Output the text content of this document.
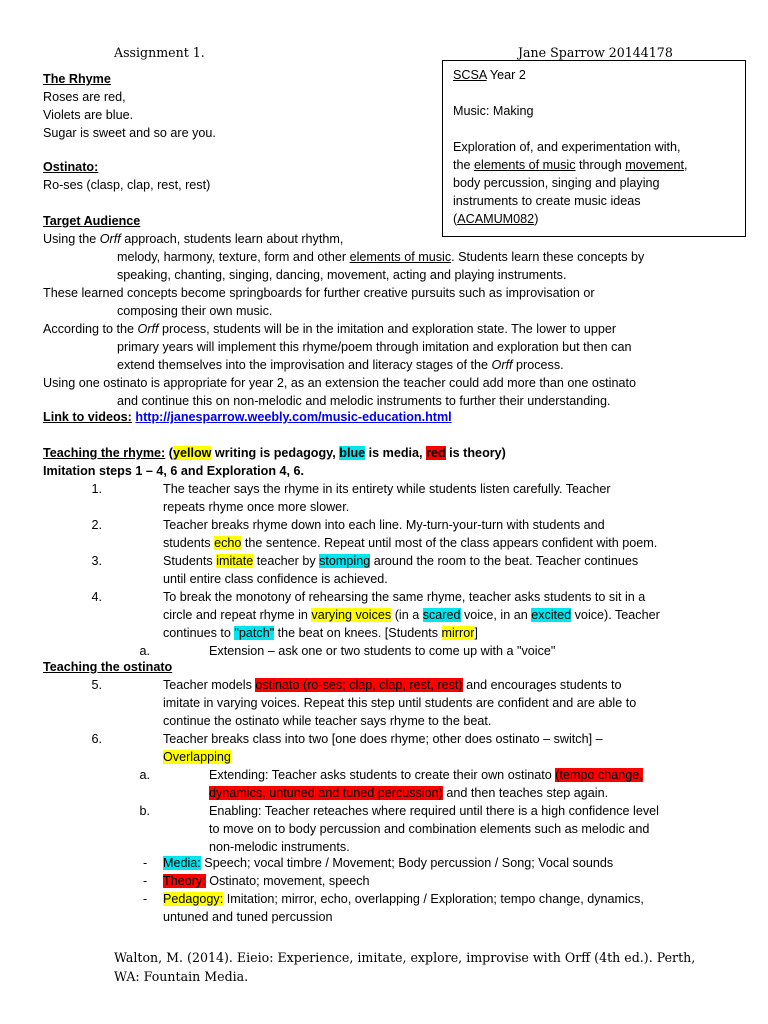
Assignment 1.	Jane Sparrow 20144178

SCSA Year 2

Music: Making

Exploration of, and experimentation with,

the elements of music through movement,

body percussion, singing and playing

instruments to create music ideas

(ACAMUM082)

The Rhyme
Roses are red,
Violets are blue.
Sugar is sweet and so are you.
Ostinato:
Ro-ses (clasp, clap, rest, rest)
Target Audience
Using the Orff approach, students learn about rhythm,
melody, harmony, texture, form and other elements of music. Students learn these concepts by
speaking, chanting, singing, dancing, movement, acting and playing instruments.
These learned concepts become springboards for further creative pursuits such as improvisation or
composing their own music.
According to the Orff process, students will be in the imitation and exploration state. The lower to upper
primary years will implement this rhyme/poem through imitation and exploration but then can
extend themselves into the improvisation and literacy stages of the Orff process.
Using one ostinato is appropriate for year 2, as an extension the teacher could add more than one ostinato
and continue this on non-melodic and melodic instruments to further their understanding.
Link to videos: http://janesparrow.weebly.com/music-education.html
Teaching the rhyme: (yellow writing is pedagogy, blue is media, red is theory)
Imitation steps 1 – 4, 6 and Exploration 4, 6.
1.	The teacher says the rhyme in its entirety while students listen carefully. Teacher
repeats rhyme once more slower.
2.	Teacher breaks rhyme down into each line. My-turn-your-turn with students and
students echo the sentence. Repeat until most of the class appears confident with poem.
3.	Students imitate teacher by stomping around the room to the beat. Teacher continues
until entire class confidence is achieved.
4.	To break the monotony of rehearsing the same rhyme, teacher asks students to sit in a
circle and repeat rhyme in varying voices (in a scared voice, in an excited voice). Teacher
continues to "patch" the beat on knees. [Students mirror]
a.	Extension – ask one or two students to come up with a "voice"
Teaching the ostinato
5.	Teacher models ostinato (ro-ses; clap, clap, rest, rest) and encourages students to
imitate in varying voices. Repeat this step until students are confident and are able to
continue the ostinato while teacher says rhyme to the beat.
6.	Teacher breaks class into two [one does rhyme; other does ostinato – switch] –
Overlapping
a.	Extending: Teacher asks students to create their own ostinato (tempo change,
dynamics, untuned and tuned percussion) and then teaches step again.
b.	Enabling: Teacher reteaches where required until there is a high confidence level
to move on to body percussion and combination elements such as melodic and
non-melodic instruments.
-	Media: Speech; vocal timbre / Movement; Body percussion / Song; Vocal sounds
-	Theory: Ostinato; movement, speech
-	Pedagogy: Imitation; mirror, echo, overlapping / Exploration; tempo change, dynamics,
untuned and tuned percussion
Walton, M. (2014). Eieio: Experience, imitate, explore, improvise with Orff (4th ed.). Perth,
WA: Fountain Media.
